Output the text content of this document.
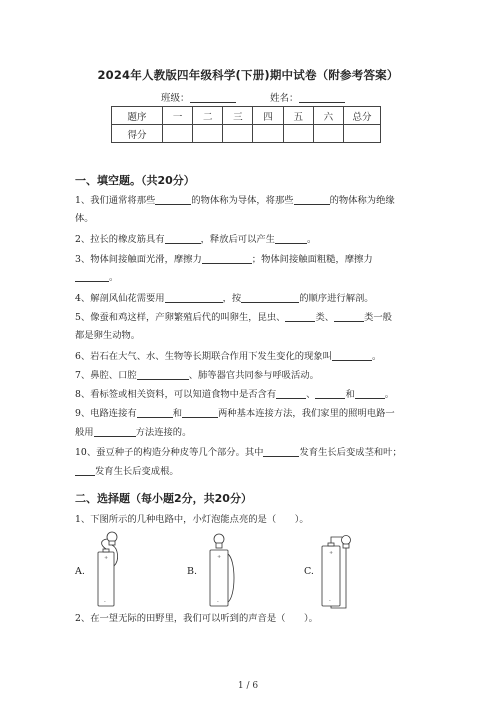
2024年人教版四年级科学(下册)期中试卷（附参考答案）
班级：	姓名：
题序	一	二	三	四	五	六	总分
得分							
一、填空题。（共20分）
1、我们通常将那些	的物体称为导体，将那些	的物体称为绝缘
体。
2、拉长的橡皮筋具有	，释放后可以产生	。
3、物体间接触面光滑，摩擦力	；物体间接触面粗糙，摩擦力
。
4、解剖风仙花需要用	，按	的顺序进行解剖。
5、像蚕和鸡这样，产卵繁殖后代的叫卵生，昆虫、	类、	类一般
都是卵生动物。
6、岩石在大气、水、生物等长期联合作用下发生变化的现象叫	。
7、鼻腔、口腔	、肺等器官共同参与呼吸活动。
8、看标签或相关资料，可以知道食物中是否含有	、	和	。
9、电路连接有	和	两种基本连接方法，我们家里的照明电路一
般用	方法连接的。
10、蚕豆种子的构造分种皮等几个部分。其中	发育生长后变成茎和叶；
发育生长后变成根。
二、选择题（每小题2分，共20分）
1、下图所示的几种电路中，小灯泡能点亮的是（　　）。
A.	B.	C.
+
-
+
-
+
-
2、在一望无际的田野里，我们可以听到的声音是（　　）。
1 / 6
